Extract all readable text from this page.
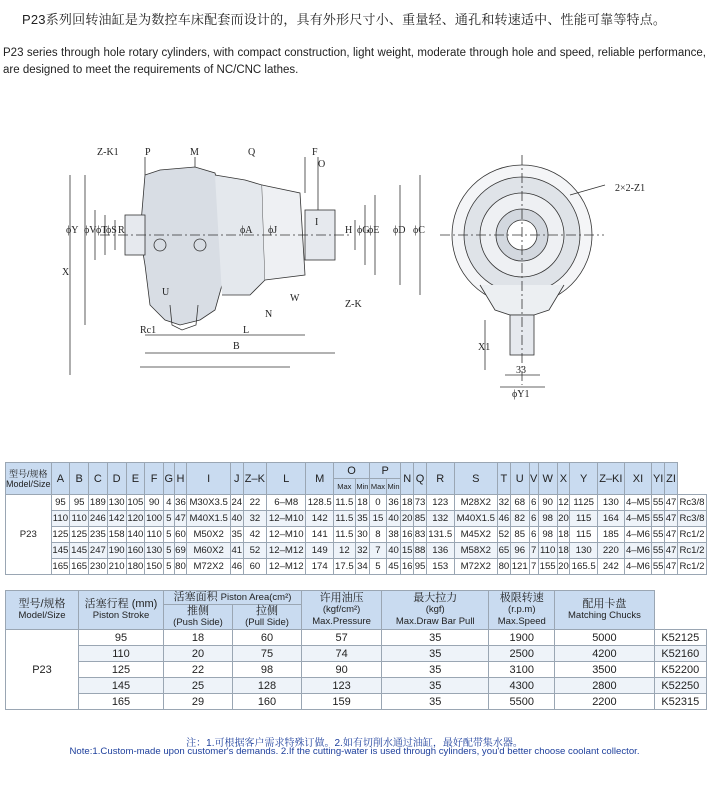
P23系列回转油缸是为数控车床配套而设计的，具有外形尺寸小、重量轻、通孔和转速适中、性能可靠等特点。
P23 series through hole rotary cylinders, with compact construction, light weight, moderate through hole and speed, reliable performance, are designed to meet the requirements of NC/CNC lathes.
Z-K1	P	M	Q	F
O
ϕY ϕV ϕT
ϕS R
X
U
Rc1
ϕA ϕJ
I
H ϕG
ϕE ϕD ϕC
W
Z-K
N
L
B
2×2-Z1
X1
33
ϕY1
型号/规格
Model/Size	A	B	C	D	E	F	G	H	I	J	Z–K	L	M	O		P		N	Q	R	S	T	U	V	W	X	Y	Z–KI	XI	YI	ZI	
														Max	Min	Max	Min															
P23	95	95	189	130	105	90	4	36	M30X3.5	24	22	6–M8	128.5	11.5	18	0	36	18	73	123	M28X2	32	68	6	90	12	1125	130	4–M5	55	47	Rc3/8
	110	110	246	142	120	100	5	47	M40X1.5	40	32	12–M10	142	11.5	35	15	40	20	85	132	M40X1.5	46	82	6	98	20	115	164	4–M5	55	47	Rc3/8
	125	125	235	158	140	110	5	60	M50X2	35	42	12–M10	141	11.5	30	8	38	16	83	131.5	M45X2	52	85	6	98	18	115	185	4–M6	55	47	Rc1/2
	145	145	247	190	160	130	5	69	M60X2	41	52	12–M12	149	12	32	7	40	15	88	136	M58X2	65	96	7	110	18	130	220	4–M6	55	47	Rc1/2
	165	165	230	210	180	150	5	80	M72X2	46	60	12–M12	174	17.5	34	5	45	16	95	153	M72X2	80	121	7	155	20	165.5	242	4–M6	55	47	Rc1/2
型号/规格
Model/Size	活塞行程 (mm)
Piston Stroke	活塞面积 Piston Area(cm²)		许用油压
(kgf/cm²)
Max.Pressure	最大拉力
(kgf)
Max.Draw Bar Pull	极限转速
(r.p.m)
Max.Speed	配用卡盘
Matching Chucks	

		推侧
(Push Side)	拉侧
(Pull Side)					

P23	95	18	60	57	35	1900	5000	K52125
	110	20	75	74	35	2500	4200	K52160
	125	22	98	90	35	3100	3500	K52200
	145	25	128	123	35	4300	2800	K52250
	165	29	160	159	35	5500	2200	K52315
注：1.可根据客户需求特殊订做。2.如有切削水通过油缸，最好配带集水器。
Note:1.Custom-made upon customer's demands. 2.If the cutting-water is used through cylinders, you'd better choose coolant collector.
